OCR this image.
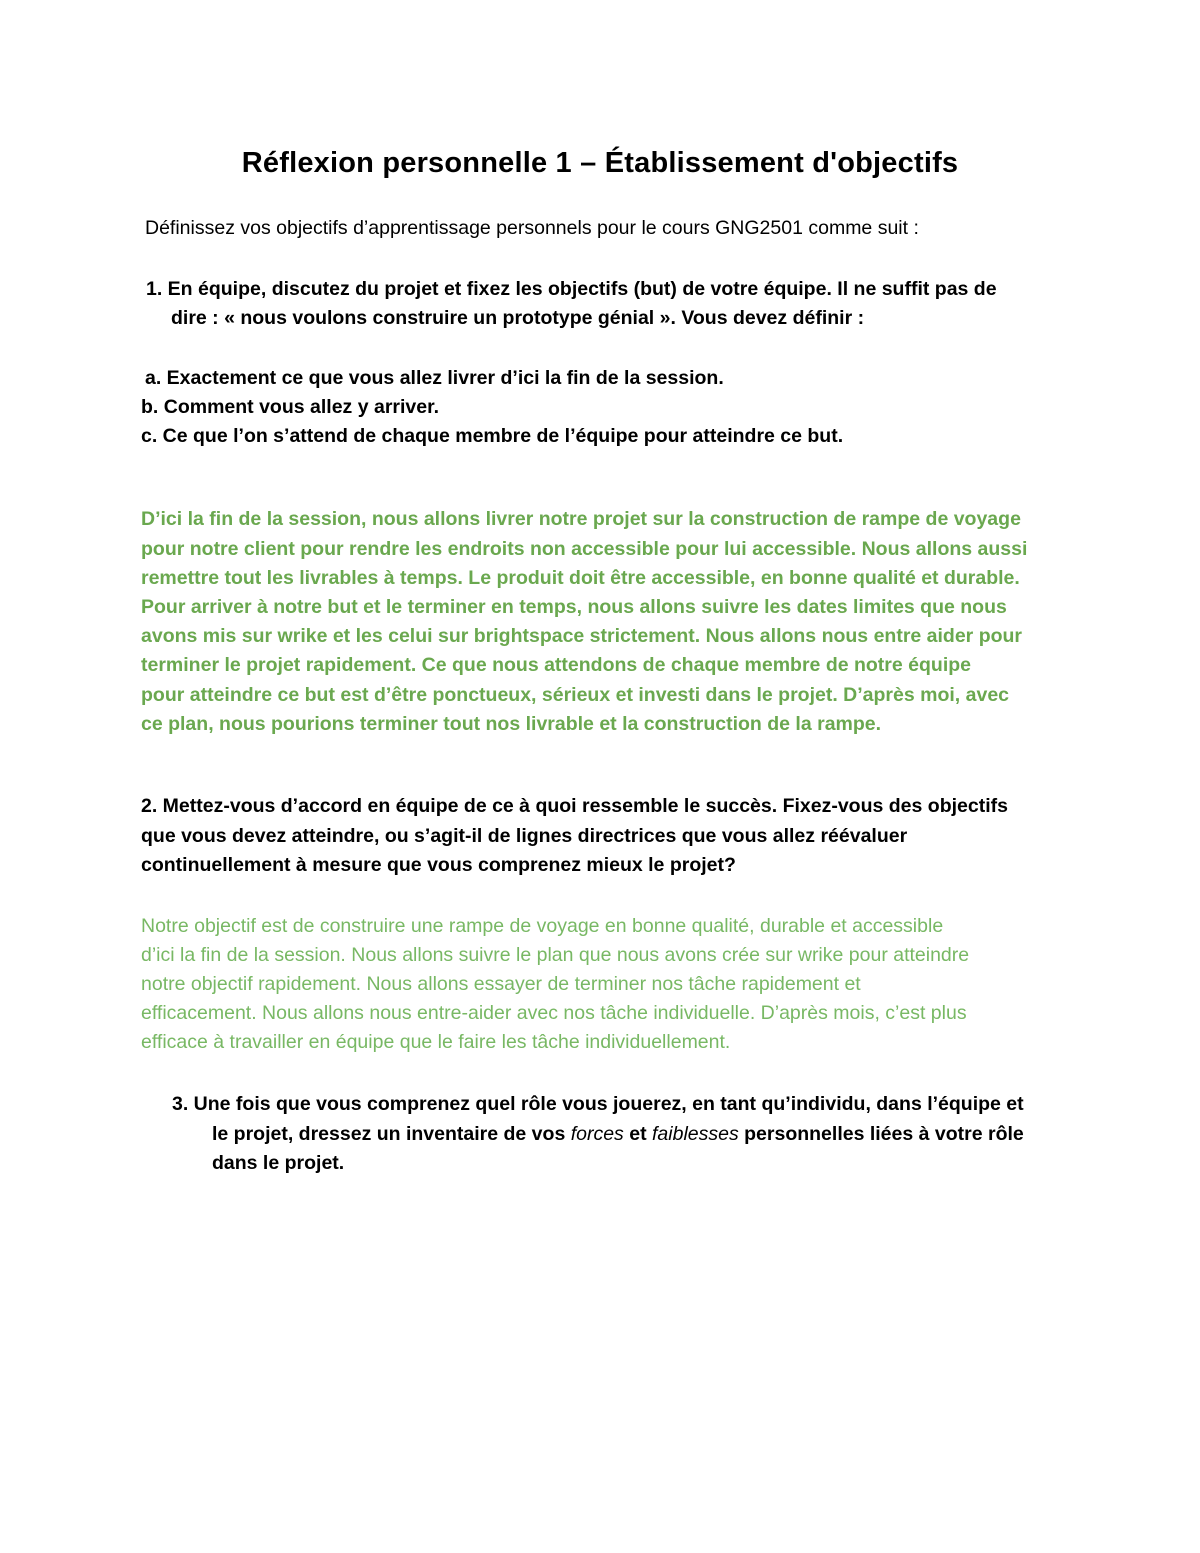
Réflexion personnelle 1 – Établissement d'objectifs
Définissez vos objectifs d’apprentissage personnels pour le cours GNG2501 comme suit :
1. En équipe, discutez du projet et fixez les objectifs (but) de votre équipe. Il ne suffit pas de
dire : « nous voulons construire un prototype génial ». Vous devez définir :
a. Exactement ce que vous allez livrer d’ici la fin de la session.
b. Comment vous allez y arriver.
c. Ce que l’on s’attend de chaque membre de l’équipe pour atteindre ce but.
D’ici la fin de la session, nous allons livrer notre projet sur la construction de rampe de voyage
pour notre client pour rendre les endroits non accessible pour lui accessible. Nous allons aussi
remettre tout les livrables à temps. Le produit doit être accessible, en bonne qualité et durable.
Pour arriver à notre but et le terminer en temps, nous allons suivre les dates limites que nous
avons mis sur wrike et les celui sur brightspace strictement. Nous allons nous entre aider pour
terminer le projet rapidement. Ce que nous attendons de chaque membre de notre équipe
pour atteindre ce but est d’être ponctueux, sérieux et investi dans le projet. D’après moi, avec
ce plan, nous pourions terminer tout nos livrable et la construction de la rampe.
2. Mettez-vous d’accord en équipe de ce à quoi ressemble le succès. Fixez-vous des objectifs
que vous devez atteindre, ou s’agit-il de lignes directrices que vous allez réévaluer
continuellement à mesure que vous comprenez mieux le projet?
Notre objectif est de construire une rampe de voyage en bonne qualité, durable et accessible
d’ici la fin de la session. Nous allons suivre le plan que nous avons crée sur wrike pour atteindre
notre objectif rapidement. Nous allons essayer de terminer nos tâche rapidement et
efficacement. Nous allons nous entre-aider avec nos tâche individuelle. D’après mois, c’est plus
efficace à travailler en équipe que le faire les tâche individuellement.
3. Une fois que vous comprenez quel rôle vous jouerez, en tant qu’individu, dans l’équipe et
le projet, dressez un inventaire de vos forces et faiblesses personnelles liées à votre rôle
dans le projet.
